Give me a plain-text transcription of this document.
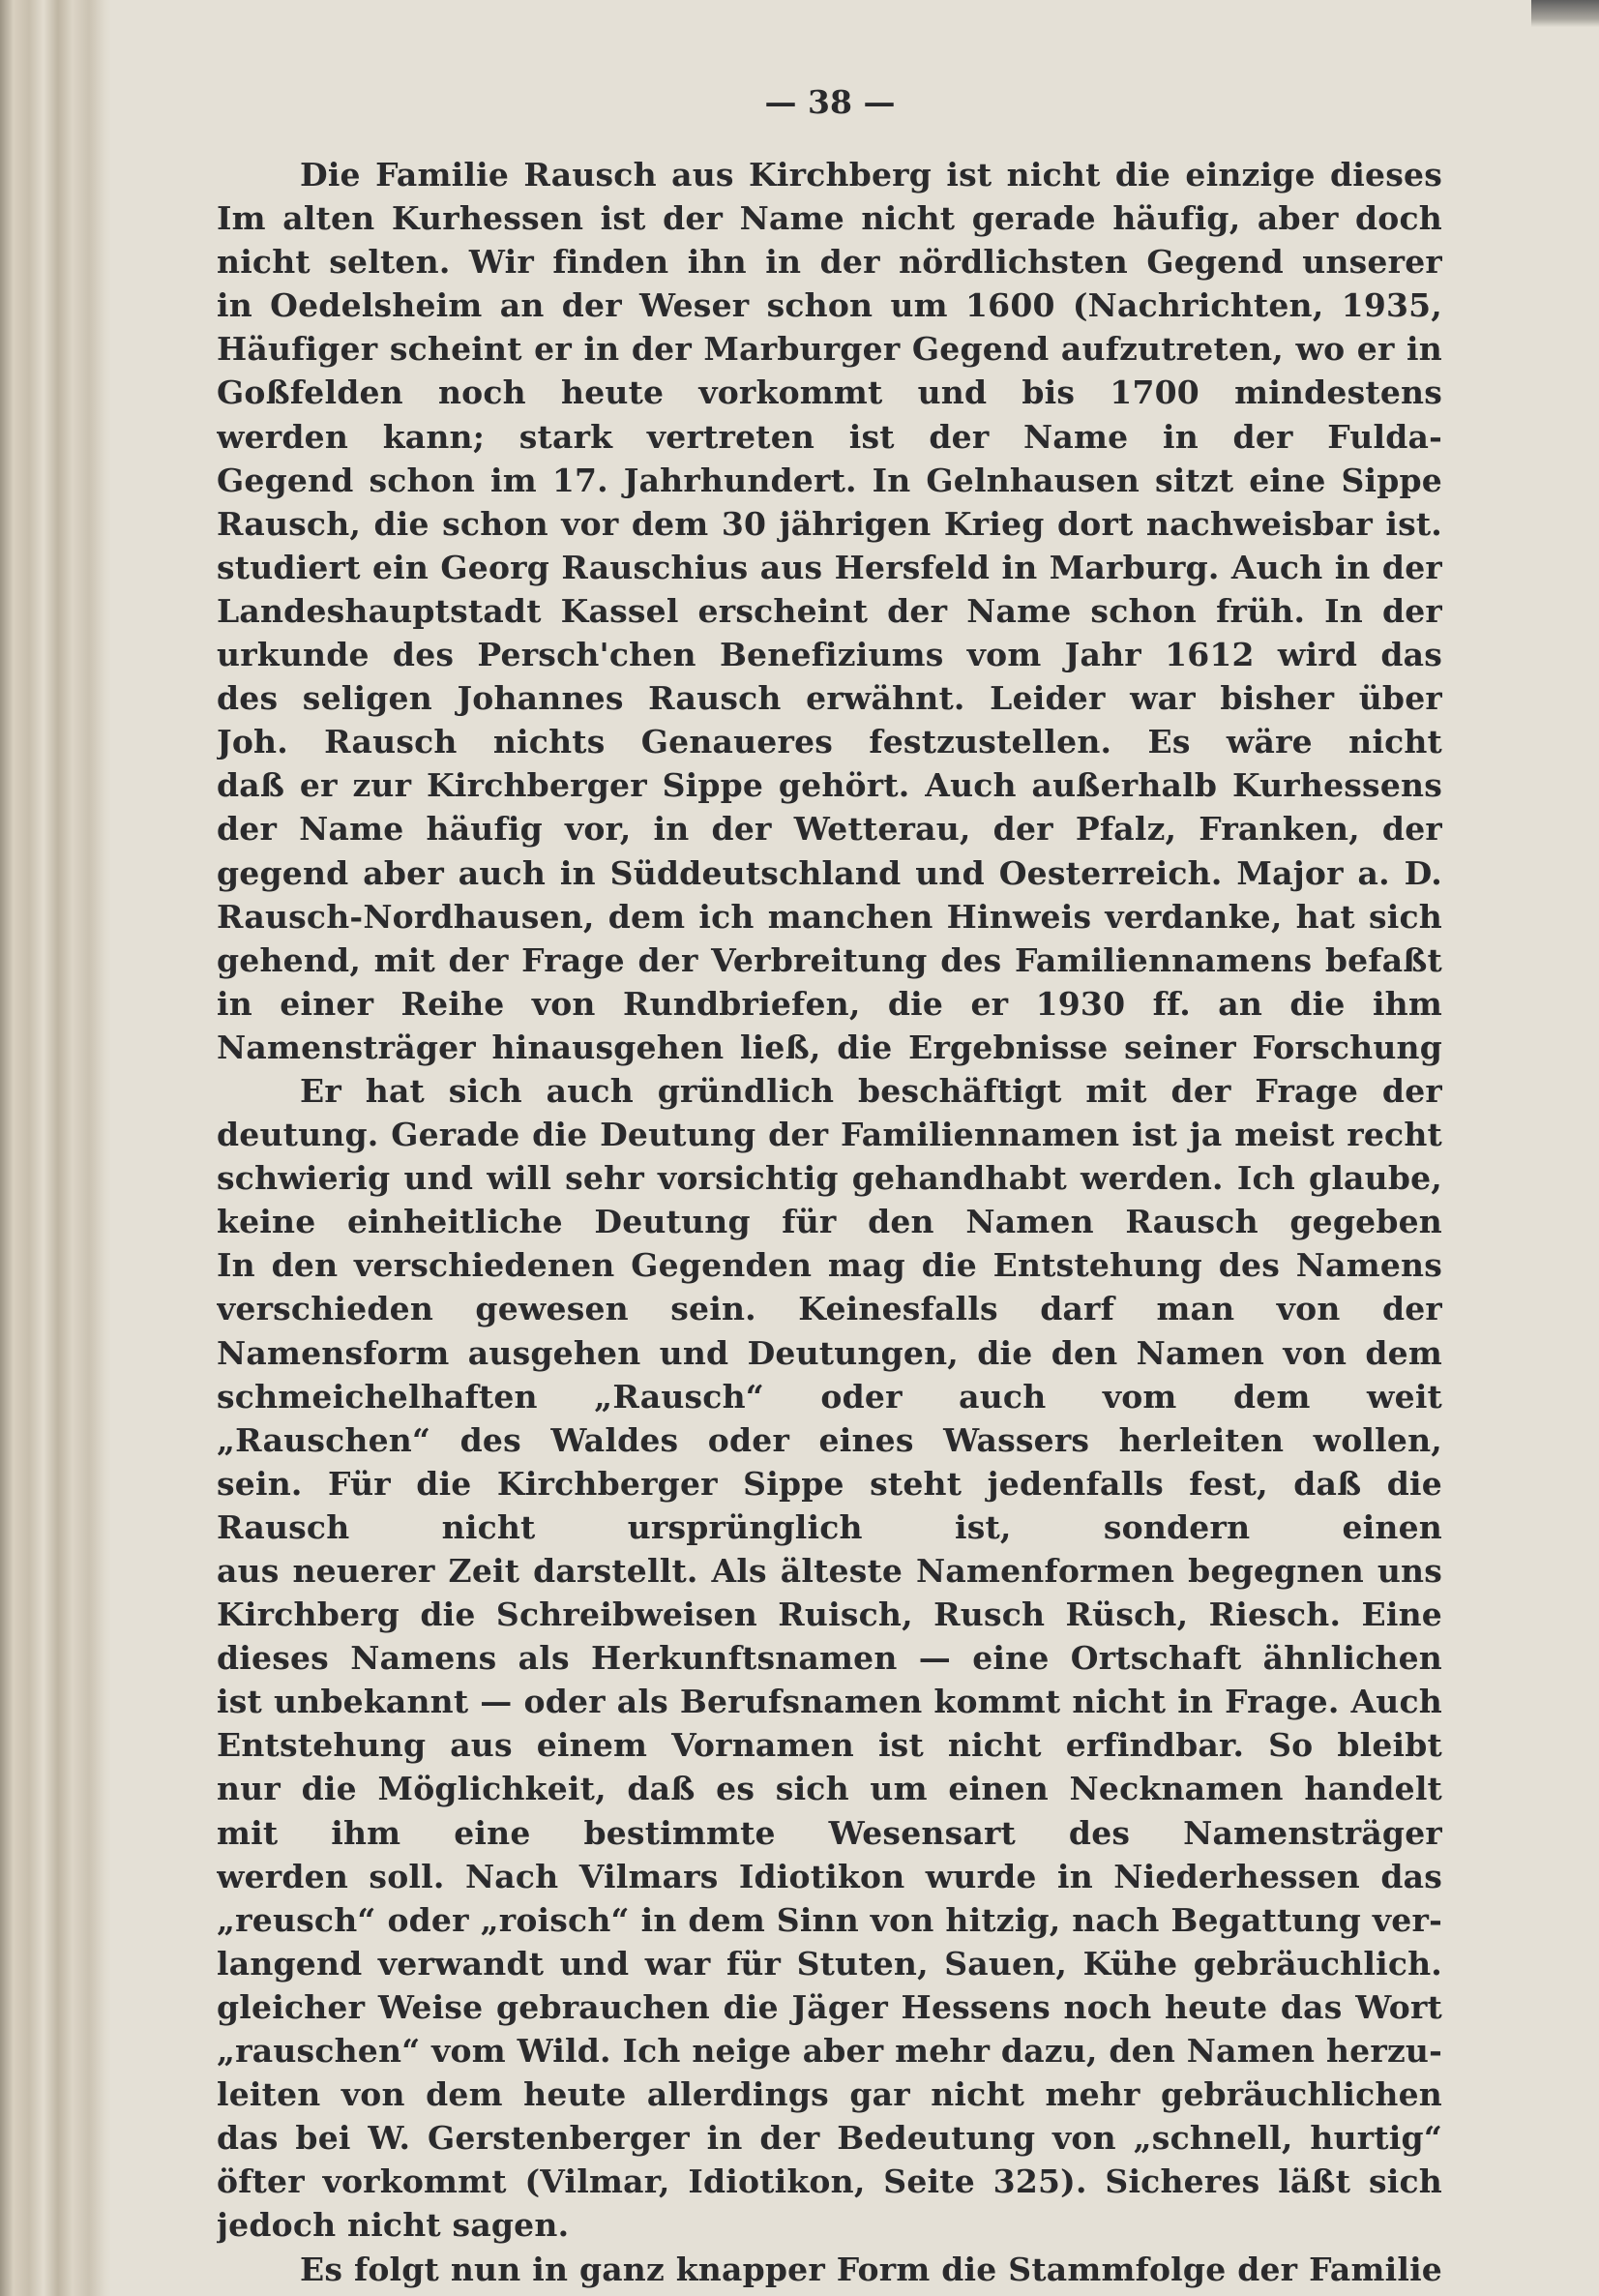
— 38 —
Die Familie Rausch aus Kirchberg ist nicht die einzige dieses
Im alten Kurhessen ist der Name nicht gerade häufig, aber doch
nicht selten. Wir finden ihn in der nördlichsten Gegend unserer
in Oedelsheim an der Weser schon um 1600 (Nachrichten, 1935,
Häufiger scheint er in der Marburger Gegend aufzutreten, wo er in
Goßfelden noch heute vorkommt und bis 1700 mindestens
werden kann; stark vertreten ist der Name in der Fulda-
Gegend schon im 17. Jahrhundert. In Gelnhausen sitzt eine Sippe
Rausch, die schon vor dem 30 jährigen Krieg dort nachweisbar ist.
studiert ein Georg Rauschius aus Hersfeld in Marburg. Auch in der
Landeshauptstadt Kassel erscheint der Name schon früh. In der
urkunde des Persch'chen Benefiziums vom Jahr 1612 wird das
des seligen Johannes Rausch erwähnt. Leider war bisher über
Joh. Rausch nichts Genaueres festzustellen. Es wäre nicht
daß er zur Kirchberger Sippe gehört. Auch außerhalb Kurhessens
der Name häufig vor, in der Wetterau, der Pfalz, Franken, der
gegend aber auch in Süddeutschland und Oesterreich. Major a. D.
Rausch-Nordhausen, dem ich manchen Hinweis verdanke, hat sich
gehend, mit der Frage der Verbreitung des Familiennamens befaßt
in einer Reihe von Rundbriefen, die er 1930 ff. an die ihm
Namensträger hinausgehen ließ, die Ergebnisse seiner Forschung
Er hat sich auch gründlich beschäftigt mit der Frage der
deutung. Gerade die Deutung der Familiennamen ist ja meist recht
schwierig und will sehr vorsichtig gehandhabt werden. Ich glaube,
keine einheitliche Deutung für den Namen Rausch gegeben
In den verschiedenen Gegenden mag die Entstehung des Namens
verschieden gewesen sein. Keinesfalls darf man von der
Namensform ausgehen und Deutungen, die den Namen von dem
schmeichelhaften „Rausch“ oder auch vom dem weit
„Rauschen“ des Waldes oder eines Wassers herleiten wollen,
sein. Für die Kirchberger Sippe steht jedenfalls fest, daß die
Rausch nicht ursprünglich ist, sondern einen
aus neuerer Zeit darstellt. Als älteste Namenformen begegnen uns
Kirchberg die Schreibweisen Ruisch, Rusch Rüsch, Riesch. Eine
dieses Namens als Herkunftsnamen — eine Ortschaft ähnlichen
ist unbekannt — oder als Berufsnamen kommt nicht in Frage. Auch
Entstehung aus einem Vornamen ist nicht erfindbar. So bleibt
nur die Möglichkeit, daß es sich um einen Necknamen handelt
mit ihm eine bestimmte Wesensart des Namensträger
werden soll. Nach Vilmars Idiotikon wurde in Niederhessen das
„reusch“ oder „roisch“ in dem Sinn von hitzig, nach Begattung ver-
langend verwandt und war für Stuten, Sauen, Kühe gebräuchlich.
gleicher Weise gebrauchen die Jäger Hessens noch heute das Wort
„rauschen“ vom Wild. Ich neige aber mehr dazu, den Namen herzu-
leiten von dem heute allerdings gar nicht mehr gebräuchlichen
das bei W. Gerstenberger in der Bedeutung von „schnell, hurtig“
öfter vorkommt (Vilmar, Idiotikon, Seite 325). Sicheres läßt sich
jedoch nicht sagen.
Es folgt nun in ganz knapper Form die Stammfolge der Familie
